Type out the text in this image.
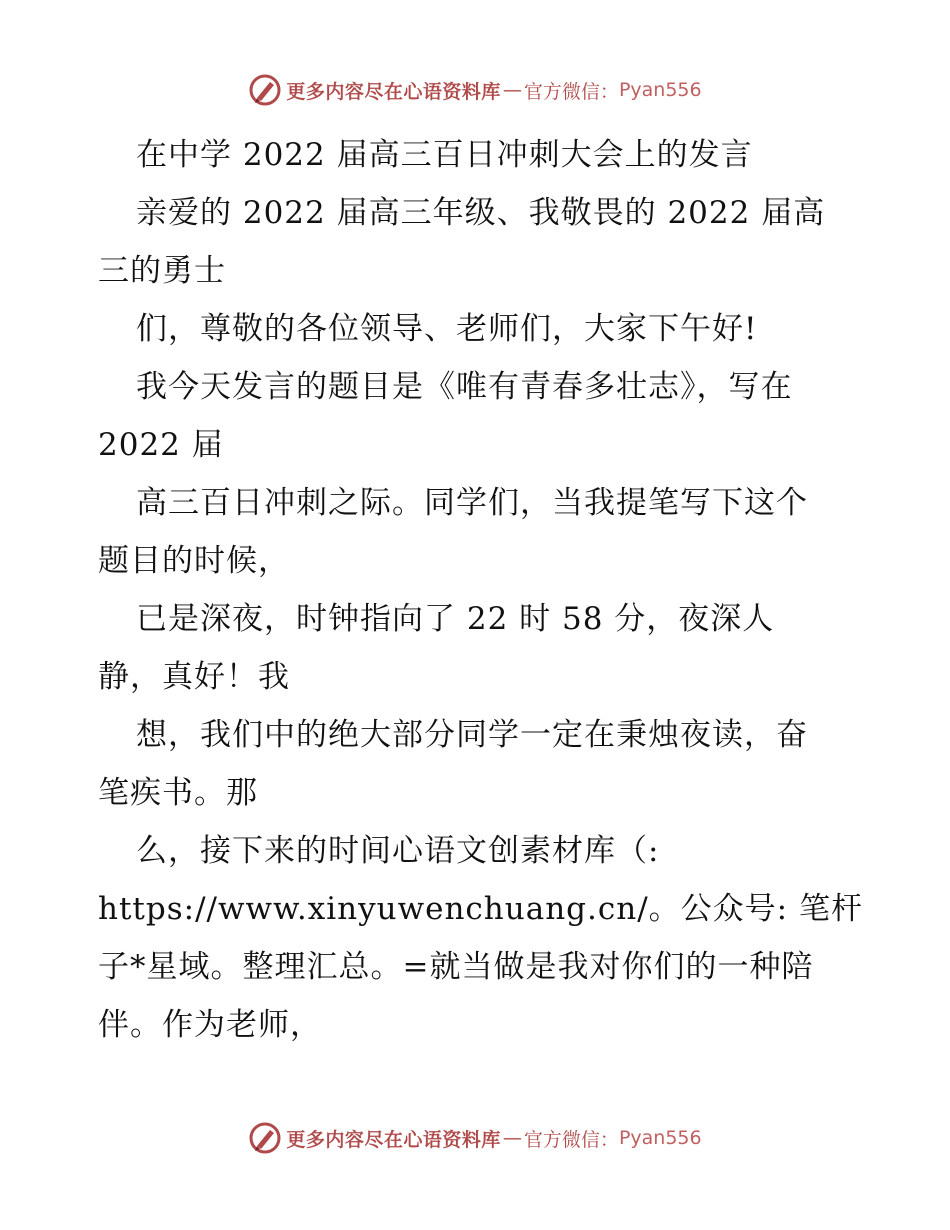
更多内容尽在心语资料库 — 官方微信： Pyan556
在中学 2022 届高三百日冲刺大会上的发言
亲爱的 2022 届高三年级、我敬畏的 2022 届高
三的勇士
们，尊敬的各位领导、老师们，大家下午好!
我今天发言的题目是《唯有青春多壮志》，写在
2022 届
高三百日冲刺之际。同学们，当我提笔写下这个
题目的时候，
已是深夜，时钟指向了 22 时 58 分，夜深人
静，真好！我
想，我们中的绝大部分同学一定在秉烛夜读，奋
笔疾书。那
么，接下来的时间心语文创素材库（:
https://www.xinyuwenchuang.cn/。公众号: 笔杆
子*星域。整理汇总。=就当做是我对你们的一种陪
伴。作为老师，
更多内容尽在心语资料库 — 官方微信： Pyan556
